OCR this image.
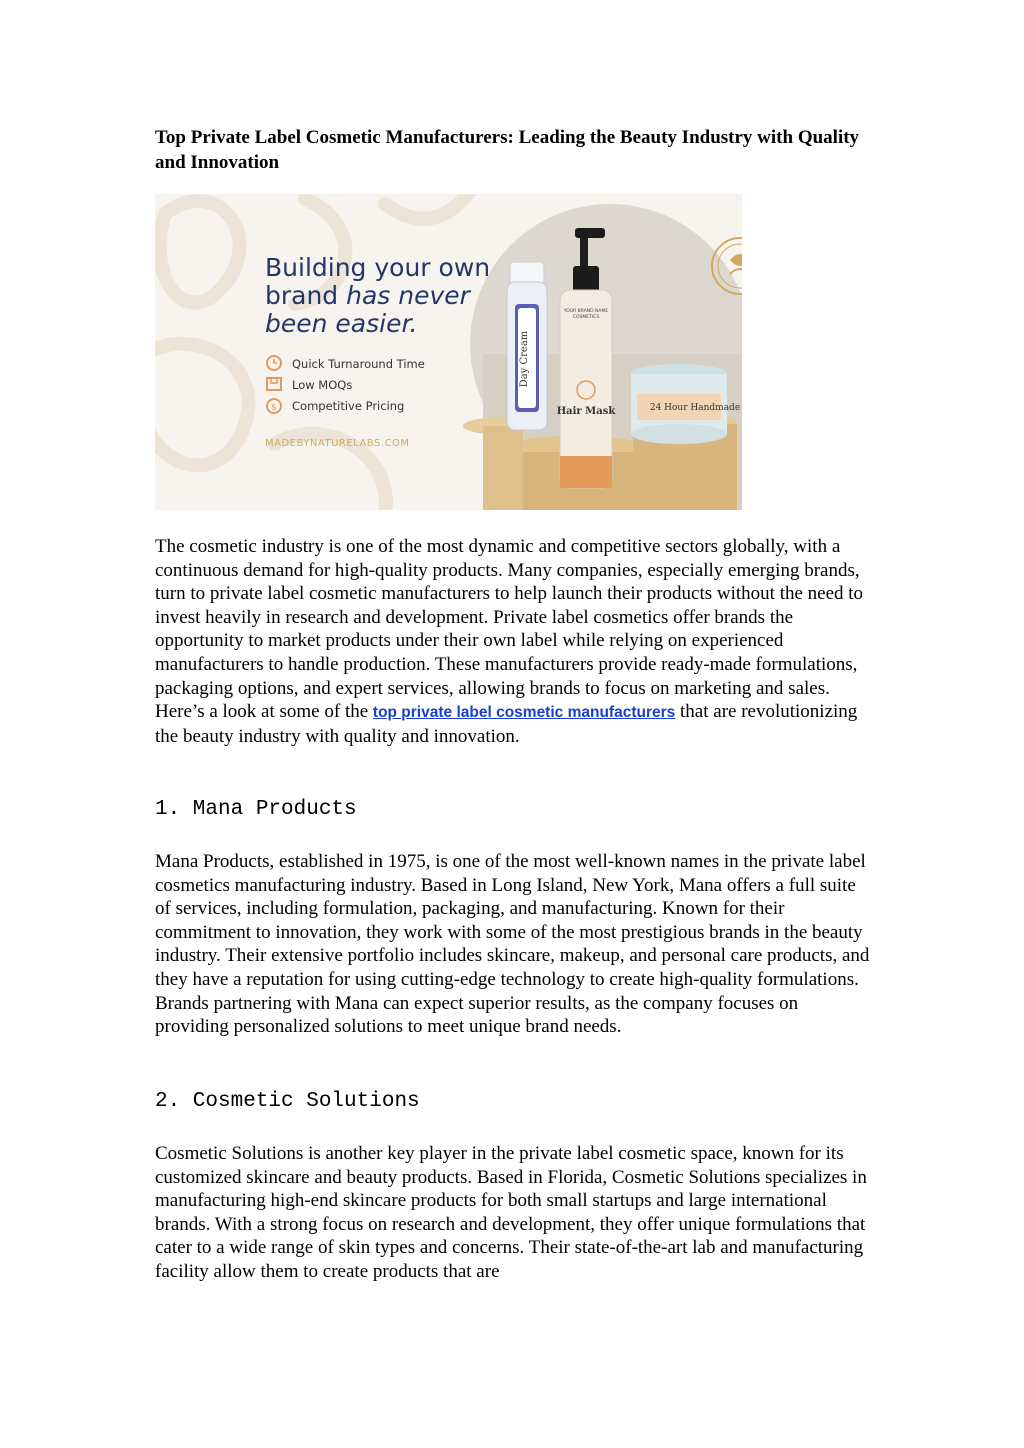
Top Private Label Cosmetic Manufacturers: Leading the Beauty Industry with Quality and Innovation
Day Cream
YOUR BRAND NAME
COSMETICS
Hair Mask	24 Hour Handmade
Building your own
brand has never
been easier.
Quick Turnaround Time
Low MOQs
$ Competitive Pricing
MADEBYNATURELABS.COM

The cosmetic industry is one of the most dynamic and competitive sectors globally, with a continuous demand for high-quality products. Many companies, especially emerging brands, turn to private label cosmetic manufacturers to help launch their products without the need to invest heavily in research and development. Private label cosmetics offer brands the opportunity to market products under their own label while relying on experienced manufacturers to handle production. These manufacturers provide ready-made formulations, packaging options, and expert services, allowing brands to focus on marketing and sales. Here’s a look at some of the top private label cosmetic manufacturers that are revolutionizing the beauty industry with quality and innovation.

1. Mana Products

Mana Products, established in 1975, is one of the most well-known names in the private label cosmetics manufacturing industry. Based in Long Island, New York, Mana offers a full suite of services, including formulation, packaging, and manufacturing. Known for their commitment to innovation, they work with some of the most prestigious brands in the beauty industry. Their extensive portfolio includes skincare, makeup, and personal care products, and they have a reputation for using cutting-edge technology to create high-quality formulations. Brands partnering with Mana can expect superior results, as the company focuses on providing personalized solutions to meet unique brand needs.

2. Cosmetic Solutions

Cosmetic Solutions is another key player in the private label cosmetic space, known for its customized skincare and beauty products. Based in Florida, Cosmetic Solutions specializes in manufacturing high-end skincare products for both small startups and large international brands. With a strong focus on research and development, they offer unique formulations that cater to a wide range of skin types and concerns. Their state-of-the-art lab and manufacturing facility allow them to create products that are
